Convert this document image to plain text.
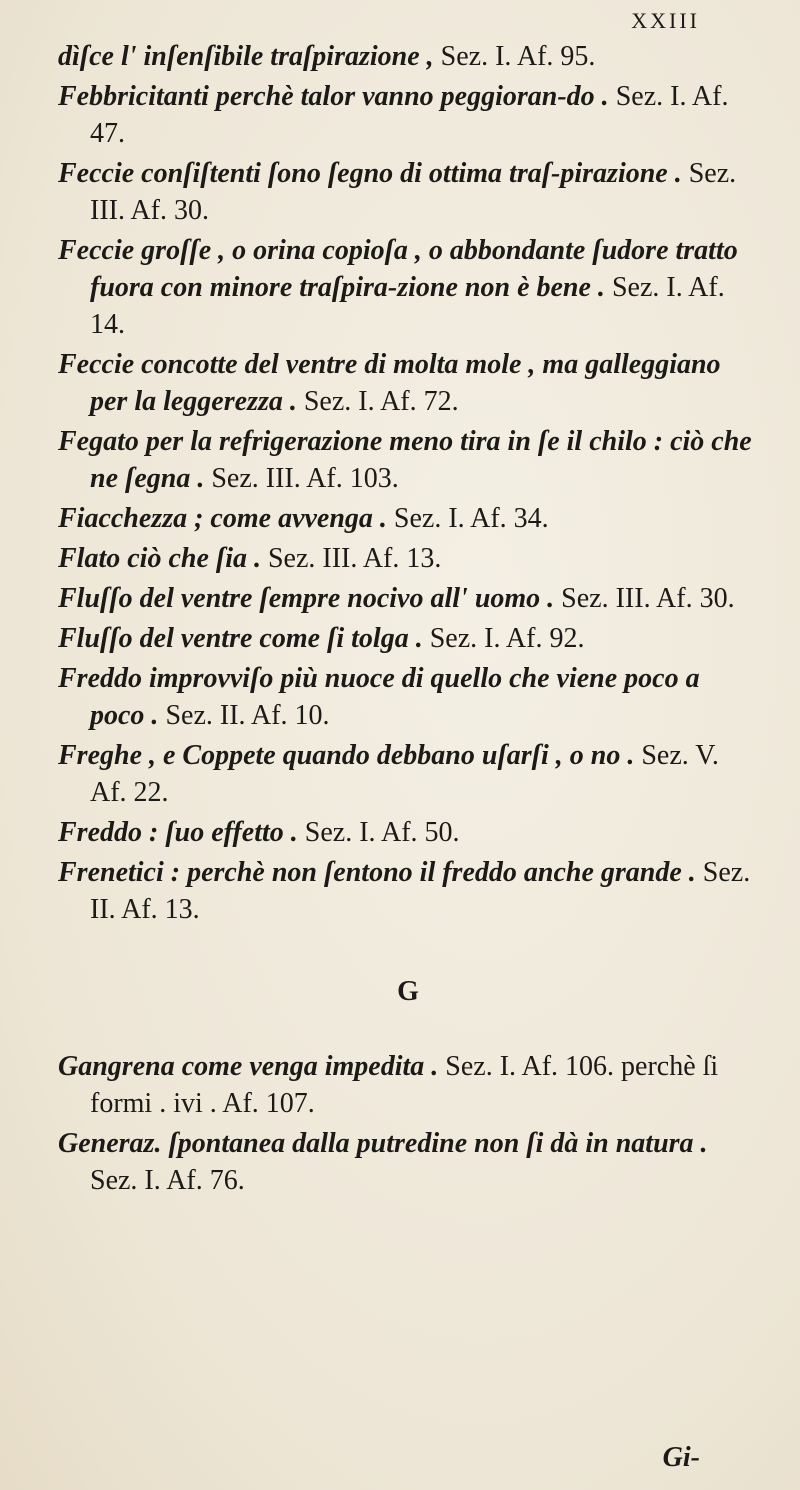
XXIII
dìſce l' inſenſibile traſpirazione , Sez. I. Af. 95.
Febbricitanti perchè talor vanno peggioran-do . Sez. I. Af. 47.
Feccie conſiſtenti ſono ſegno di ottima traſ-pirazione . Sez. III. Af. 30.
Feccie groſſe , o orina copioſa , o abbondante ſudore tratto fuora con minore traſpira-zione non è bene . Sez. I. Af. 14.
Feccie concotte del ventre di molta mole , ma galleggiano per la leggerezza . Sez. I. Af. 72.
Fegato per la refrigerazione meno tira in ſe il chilo : ciò che ne ſegna . Sez. III. Af. 103.
Fiacchezza ; come avvenga . Sez. I. Af. 34.
Flato ciò che ſia . Sez. III. Af. 13.
Fluſſo del ventre ſempre nocivo all' uomo . Sez. III. Af. 30.
Fluſſo del ventre come ſi tolga . Sez. I. Af. 92.
Freddo improvviſo più nuoce di quello che viene poco a poco . Sez. II. Af. 10.
Freghe , e Coppete quando debbano uſarſi , o no . Sez. V. Af. 22.
Freddo : ſuo effetto . Sez. I. Af. 50.
Frenetici : perchè non ſentono il freddo anche grande . Sez. II. Af. 13.
G
Gangrena come venga impedita . Sez. I. Af. 106. perchè ſi formi . ivi . Af. 107.
Generaz. ſpontanea dalla putredine non ſi dà in natura . Sez. I. Af. 76.
Gi-
